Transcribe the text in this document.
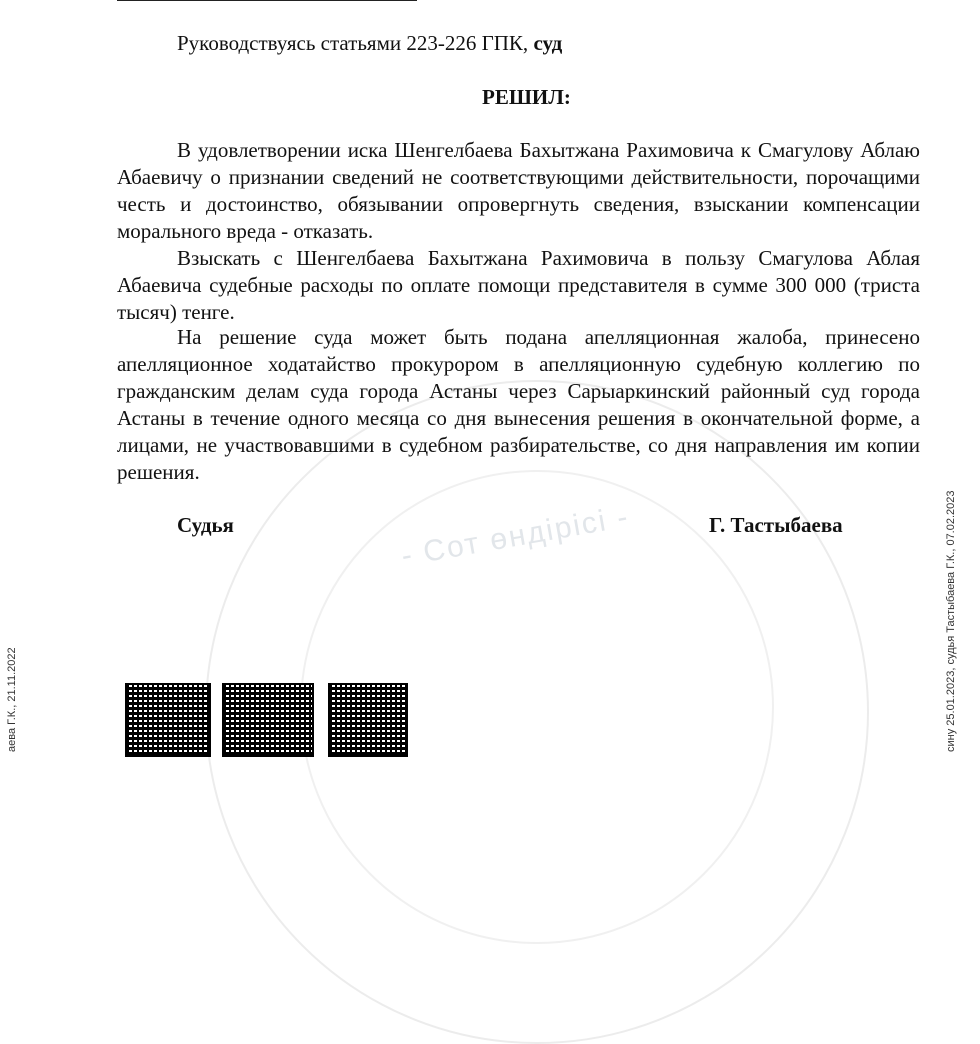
- Сот өндірісі -
Руководствуясь статьями 223-226 ГПК, суд
РЕШИЛ:
В удовлетворении иска Шенгелбаева Бахытжана Рахимовича к Смагулову Аблаю Абаевичу о признании сведений не соответствующими действительности, порочащими честь и достоинство, обязывании опровергнуть сведения, взыскании компенсации морального вреда - отказать.
Взыскать с Шенгелбаева Бахытжана Рахимовича в пользу Смагулова Аблая Абаевича судебные расходы по оплате помощи представителя в сумме 300 000 (триста тысяч) тенге.
На решение суда может быть подана апелляционная жалоба, принесено апелляционное ходатайство прокурором в апелляционную судебную коллегию по гражданским делам суда города Астаны через Сарыаркинский районный суд города Астаны в течение одного месяца со дня вынесения решения в окончательной форме, а лицами, не участвовавшими в судебном разбирательстве, со дня направления им копии решения.
Судья	Г. Тастыбаева	сину 25.01.2023, судья Тастыбаева Г.К., 07.02.2023
аева Г.К., 21.11.2022
